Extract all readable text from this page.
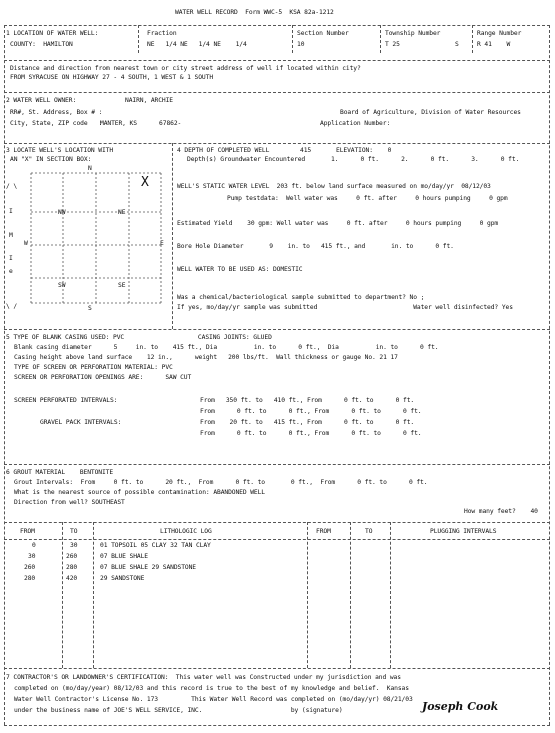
WATER WELL RECORD  Form WWC-5  KSA 82a-1212
1 LOCATION OF WATER WELL:
COUNTY:  HAMILTON
Fraction
NE   1/4 NE   1/4 NE    1/4
Section Number
10
Township Number
T 25	S
Range Number
R 41    W
Distance and direction from nearest town or city street address of well if located within city?
FROM SYRACUSE ON HIGHWAY 27 - 4 SOUTH, 1 WEST & 1 SOUTH
2 WATER WELL OWNER:	NAIRN, ARCHIE
RR#, St. Address, Box # :
City, State, ZIP code   :
MANTER, KS      67862-
Board of Agriculture, Division of Water Resources
Application Number:
3 LOCATE WELL'S LOCATION WITH
AN "X" IN SECTION BOX:
N
S
E
W
NW	NE
SW	SE
X
/ \
I
M
I
e
\ /
4 DEPTH OF COMPLETED WELL	415	ELEVATION:    0
Depth(s) Groundwater Encountered       1.      0 ft.      2.      0 ft.      3.      0 ft.
WELL'S STATIC WATER LEVEL  203 ft. below land surface measured on mo/day/yr  08/12/03
Pump testdata:  Well water was     0 ft. after     0 hours pumping     0 gpm
Estimated Yield    30 gpm: Well water was     0 ft. after     0 hours pumping     0 gpm
Bore Hole Diameter       9    in. to   415 ft., and       in. to      0 ft.
WELL WATER TO BE USED AS: DOMESTIC
Was a chemical/bacteriological sample submitted to department? No ;
If yes, mo/day/yr sample was submitted                          Water well disinfected? Yes
5 TYPE OF BLANK CASING USED: PVC                    CASING JOINTS: GLUED
Blank casing diameter      5     in. to    415 ft., Dia          in. to      0 ft.,  Dia          in. to      0 ft.
Casing height above land surface    12 in.,      weight   200 lbs/ft.  Wall thickness or gauge No. 21 17
TYPE OF SCREEN OR PERFORATION MATERIAL: PVC
SCREEN OR PERFORATION OPENINGS ARE:      SAW CUT
SCREEN PERFORATED INTERVALS:	From   350 ft. to   410 ft., From      0 ft. to      0 ft.
From      0 ft. to      0 ft., From      0 ft. to      0 ft.
GRAVEL PACK INTERVALS:	From    20 ft. to   415 ft., From      0 ft. to      0 ft.
From      0 ft. to      0 ft., From      0 ft. to      0 ft.
6 GROUT MATERIAL    BENTONITE
Grout Intervals:  From     0 ft. to      20 ft.,  From      0 ft. to       0 ft.,  From      0 ft. to      0 ft.
What is the nearest source of possible contamination: ABANDONED WELL
Direction from well? SOUTHEAST
How many feet?    40
FROM	TO	LITHOLOGIC LOG	FROM	TO	PLUGGING INTERVALS
0	30	01 TOPSOIL 05 CLAY 32 TAN CLAY
30	260	07 BLUE SHALE
260	280	07 BLUE SHALE 29 SANDSTONE
280	420	29 SANDSTONE
7 CONTRACTOR'S OR LANDOWNER'S CERTIFICATION:  This water well was Constructed under my jurisdiction and was
completed on (mo/day/year) 08/12/03 and this record is true to the best of my knowledge and belief.  Kansas
Water Well Contractor's License No. 173         This Water Well Record was completed on (mo/day/yr) 08/21/03
under the business name of JOE'S WELL SERVICE, INC.                        by (signature)	Joseph Cook
